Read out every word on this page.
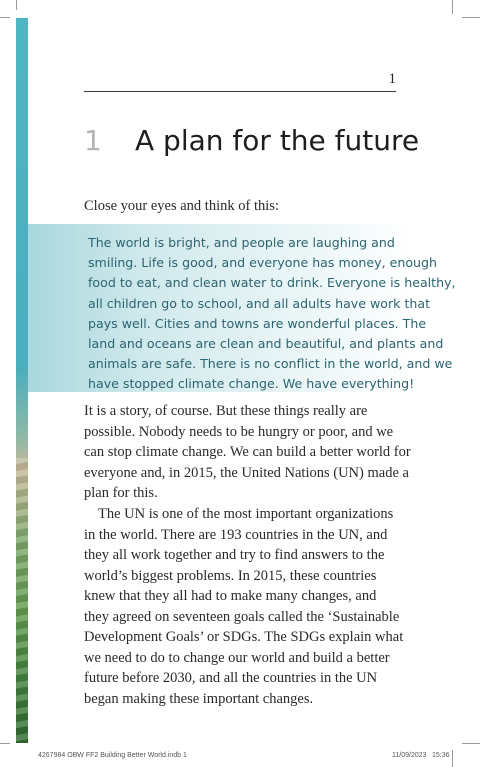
1
1 A plan for the future
Close your eyes and think of this:
The world is bright, and people are laughing and
smiling. Life is good, and everyone has money, enough
food to eat, and clean water to drink. Everyone is healthy,
all children go to school, and all adults have work that
pays well. Cities and towns are wonderful places. The
land and oceans are clean and beautiful, and plants and
animals are safe. There is no conflict in the world, and we
have stopped climate change. We have everything!
It is a story, of course. But these things really are
possible. Nobody needs to be hungry or poor, and we
can stop climate change. We can build a better world for
everyone and, in 2015, the United Nations (UN) made a
plan for this.
The UN is one of the most important organizations
in the world. There are 193 countries in the UN, and
they all work together and try to find answers to the
world’s biggest problems. In 2015, these countries
knew that they all had to make many changes, and
they agreed on seventeen goals called the ‘Sustainable
Development Goals’ or SDGs. The SDGs explain what
we need to do to change our world and build a better
future before 2030, and all the countries in the UN
began making these important changes.
4267984 OBW FF2 Building Better World.indb 1	11/09/2023 15:36
